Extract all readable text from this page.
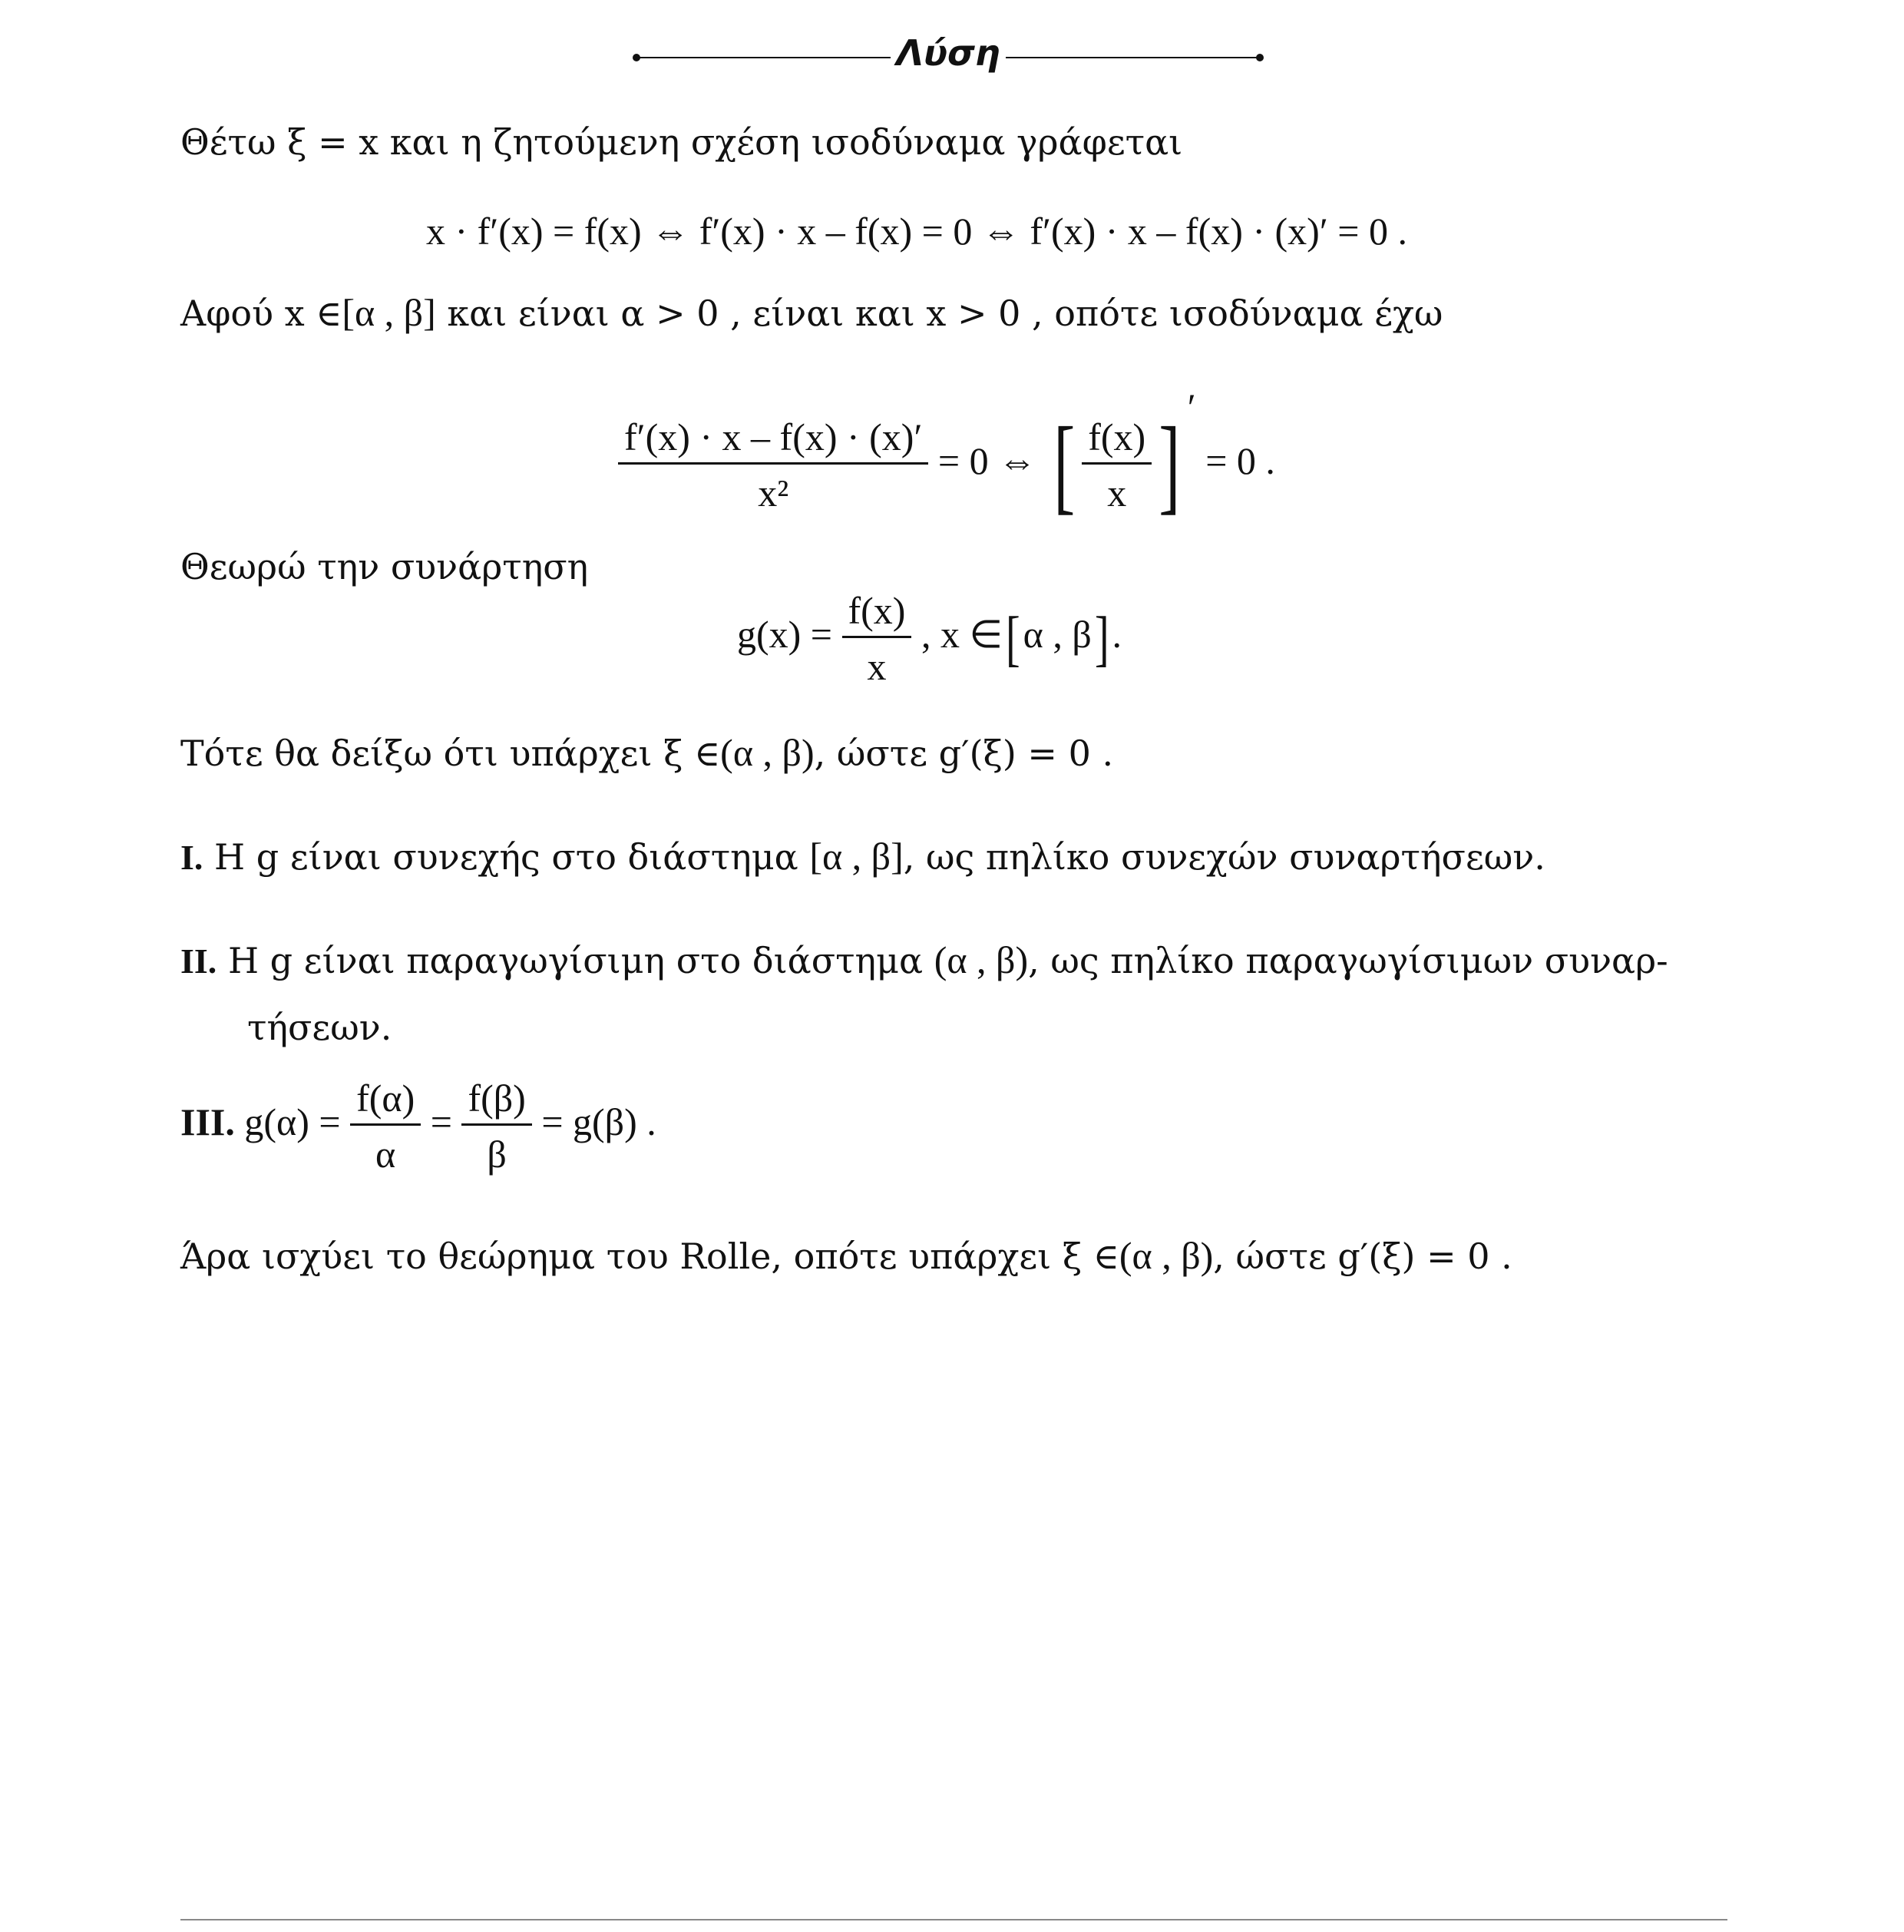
Λύση
Θέτω ξ = x και η ζητούμενη σχέση ισοδύναμα γράφεται
x · f′(x) = f(x) ⇔ f′(x) · x – f(x) = 0 ⇔ f′(x) · x – f(x) · (x)′ = 0 .
Αφού x ∈[α , β] και είναι α > 0 , είναι και x > 0 , οπότε ισοδύναμα έχω
$\frac{f'(x) \cdot x - f(x) \cdot (x)'}{\text{x²}} = 0$ ⇔ [ $\frac{f(x)}{x}$ ] ′ = 0 .
Θεωρώ την συνάρτηση
$g(x) = \frac{f(x)}{x}$ , x ∈[α , β].
Τότε θα δείξω ότι υπάρχει ξ ∈(α , β), ώστε g′(ξ) = 0 .
I. Η g είναι συνεχής στο διάστημα [α , β], ως πηλίκο συνεχών συναρτήσεων.
II. Η g είναι παραγωγίσιμη στο διάστημα (α , β), ως πηλίκο παραγωγίσιμων συναρ-
τήσεων.
III. $g(\alpha) = \frac{f(\alpha)}{\alpha} = \frac{f(\beta)}{\beta} = g(\beta)$ .
Άρα ισχύει το θεώρημα του Rolle, οπότε υπάρχει ξ ∈(α , β), ώστε g′(ξ) = 0 .
